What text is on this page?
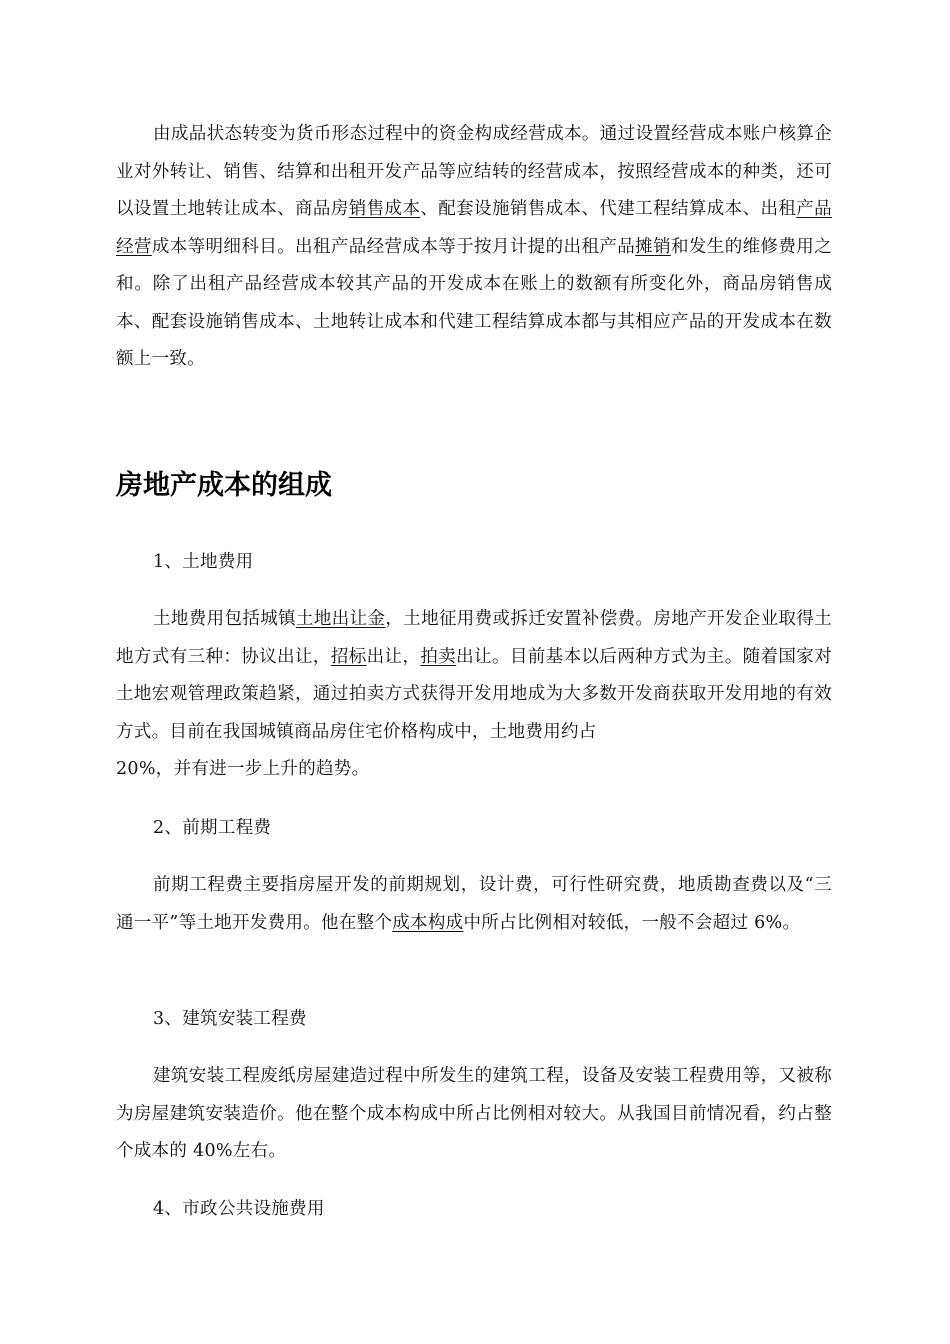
由成品状态转变为货币形态过程中的资金构成经营成本。通过设置经营成本账户核算企业对外转让、销售、结算和出租开发产品等应结转的经营成本，按照经营成本的种类，还可以设置土地转让成本、商品房销售成本、配套设施销售成本、代建工程结算成本、出租产品经营成本等明细科目。出租产品经营成本等于按月计提的出租产品摊销和发生的维修费用之和。除了出租产品经营成本较其产品的开发成本在账上的数额有所变化外，商品房销售成本、配套设施销售成本、土地转让成本和代建工程结算成本都与其相应产品的开发成本在数额上一致。

房地产成本的组成

1、土地费用

土地费用包括城镇土地出让金，土地征用费或拆迁安置补偿费。房地产开发企业取得土地方式有三种：协议出让，招标出让，拍卖出让。目前基本以后两种方式为主。随着国家对土地宏观管理政策趋紧，通过拍卖方式获得开发用地成为大多数开发商获取开发用地的有效方式。目前在我国城镇商品房住宅价格构成中，土地费用约占
20%，并有进一步上升的趋势。

2、前期工程费

前期工程费主要指房屋开发的前期规划，设计费，可行性研究费，地质勘查费以及“三通一平”等土地开发费用。他在整个成本构成中所占比例相对较低，一般不会超过 6%。

3、建筑安装工程费

建筑安装工程废纸房屋建造过程中所发生的建筑工程，设备及安装工程费用等，又被称为房屋建筑安装造价。他在整个成本构成中所占比例相对较大。从我国目前情况看，约占整个成本的 40%左右。

4、市政公共设施费用
